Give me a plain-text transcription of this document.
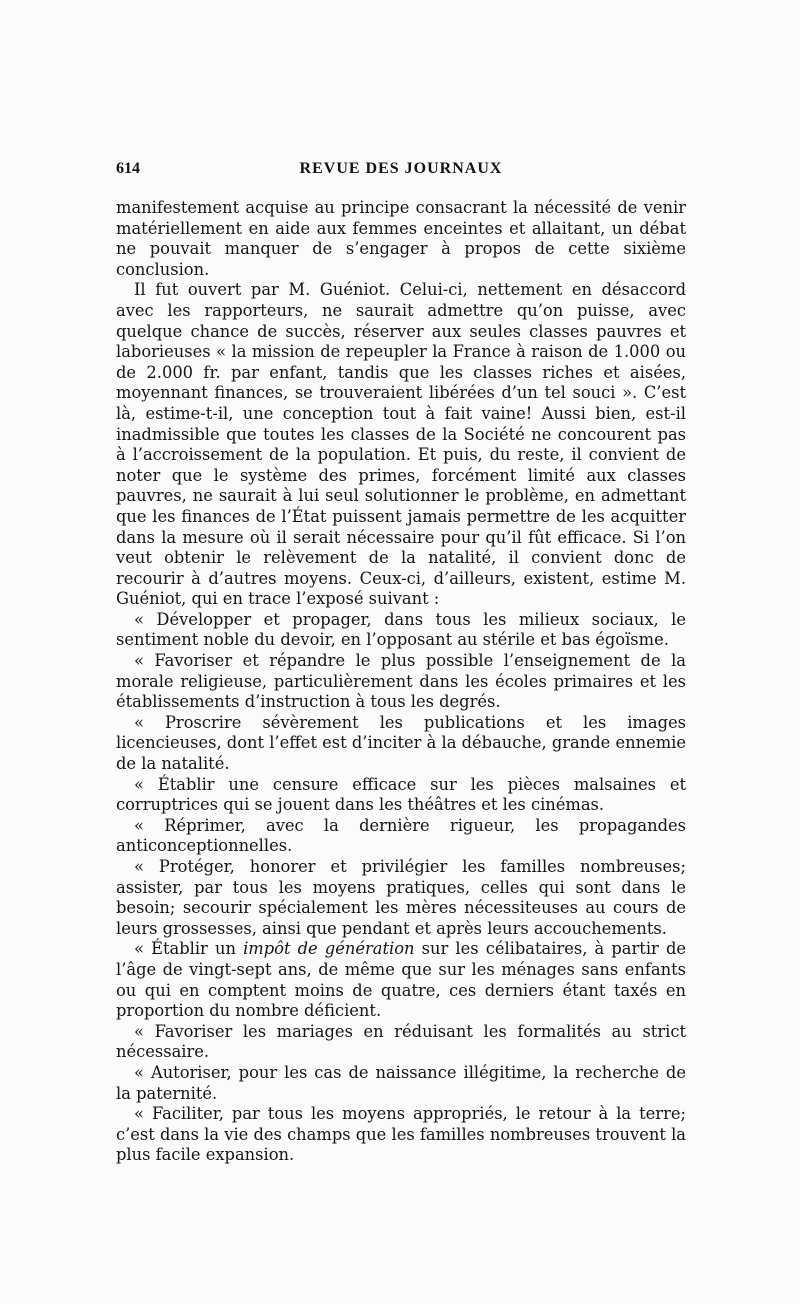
614	REVUE DES JOURNAUX

manifestement acquise au principe consacrant la nécessité de venir matériellement en aide aux femmes enceintes et allaitant, un débat ne pouvait manquer de s’engager à propos de cette sixième conclusion.

Il fut ouvert par M. Guéniot. Celui-ci, nettement en désaccord avec les rapporteurs, ne saurait admettre qu’on puisse, avec quelque chance de succès, réserver aux seules classes pauvres et laborieuses « la mission de repeupler la France à raison de 1.000 ou de 2.000 fr. par enfant, tandis que les classes riches et aisées, moyennant finances, se trouveraient libérées d’un tel souci ». C’est là, estime-t-il, une conception tout à fait vaine! Aussi bien, est-il inadmissible que toutes les classes de la Société ne concourent pas à l’accroissement de la population. Et puis, du reste, il convient de noter que le système des primes, forcément limité aux classes pauvres, ne saurait à lui seul solutionner le problème, en admettant que les finances de l’État puissent jamais permettre de les acquitter dans la mesure où il serait nécessaire pour qu’il fût efficace. Si l’on veut obtenir le relèvement de la natalité, il convient donc de recourir à d’autres moyens. Ceux-ci, d’ailleurs, existent, estime M. Guéniot, qui en trace l’exposé suivant :

« Développer et propager, dans tous les milieux sociaux, le sentiment noble du devoir, en l’opposant au stérile et bas égoïsme.

« Favoriser et répandre le plus possible l’enseignement de la morale religieuse, particulièrement dans les écoles primaires et les établissements d’instruction à tous les degrés.

« Proscrire sévèrement les publications et les images licencieuses, dont l’effet est d’inciter à la débauche, grande ennemie de la natalité.

« Établir une censure efficace sur les pièces malsaines et corruptrices qui se jouent dans les théâtres et les cinémas.

« Réprimer, avec la dernière rigueur, les propagandes anticonceptionnelles.

« Protéger, honorer et privilégier les familles nombreuses; assister, par tous les moyens pratiques, celles qui sont dans le besoin; secourir spécialement les mères nécessiteuses au cours de leurs grossesses, ainsi que pendant et après leurs accouchements.

« Établir un impôt de génération sur les célibataires, à partir de l’âge de vingt-sept ans, de même que sur les ménages sans enfants ou qui en comptent moins de quatre, ces derniers étant taxés en proportion du nombre déficient.

« Favoriser les mariages en réduisant les formalités au strict nécessaire.

« Autoriser, pour les cas de naissance illégitime, la recherche de la paternité.

« Faciliter, par tous les moyens appropriés, le retour à la terre; c’est dans la vie des champs que les familles nombreuses trouvent la plus facile expansion.
